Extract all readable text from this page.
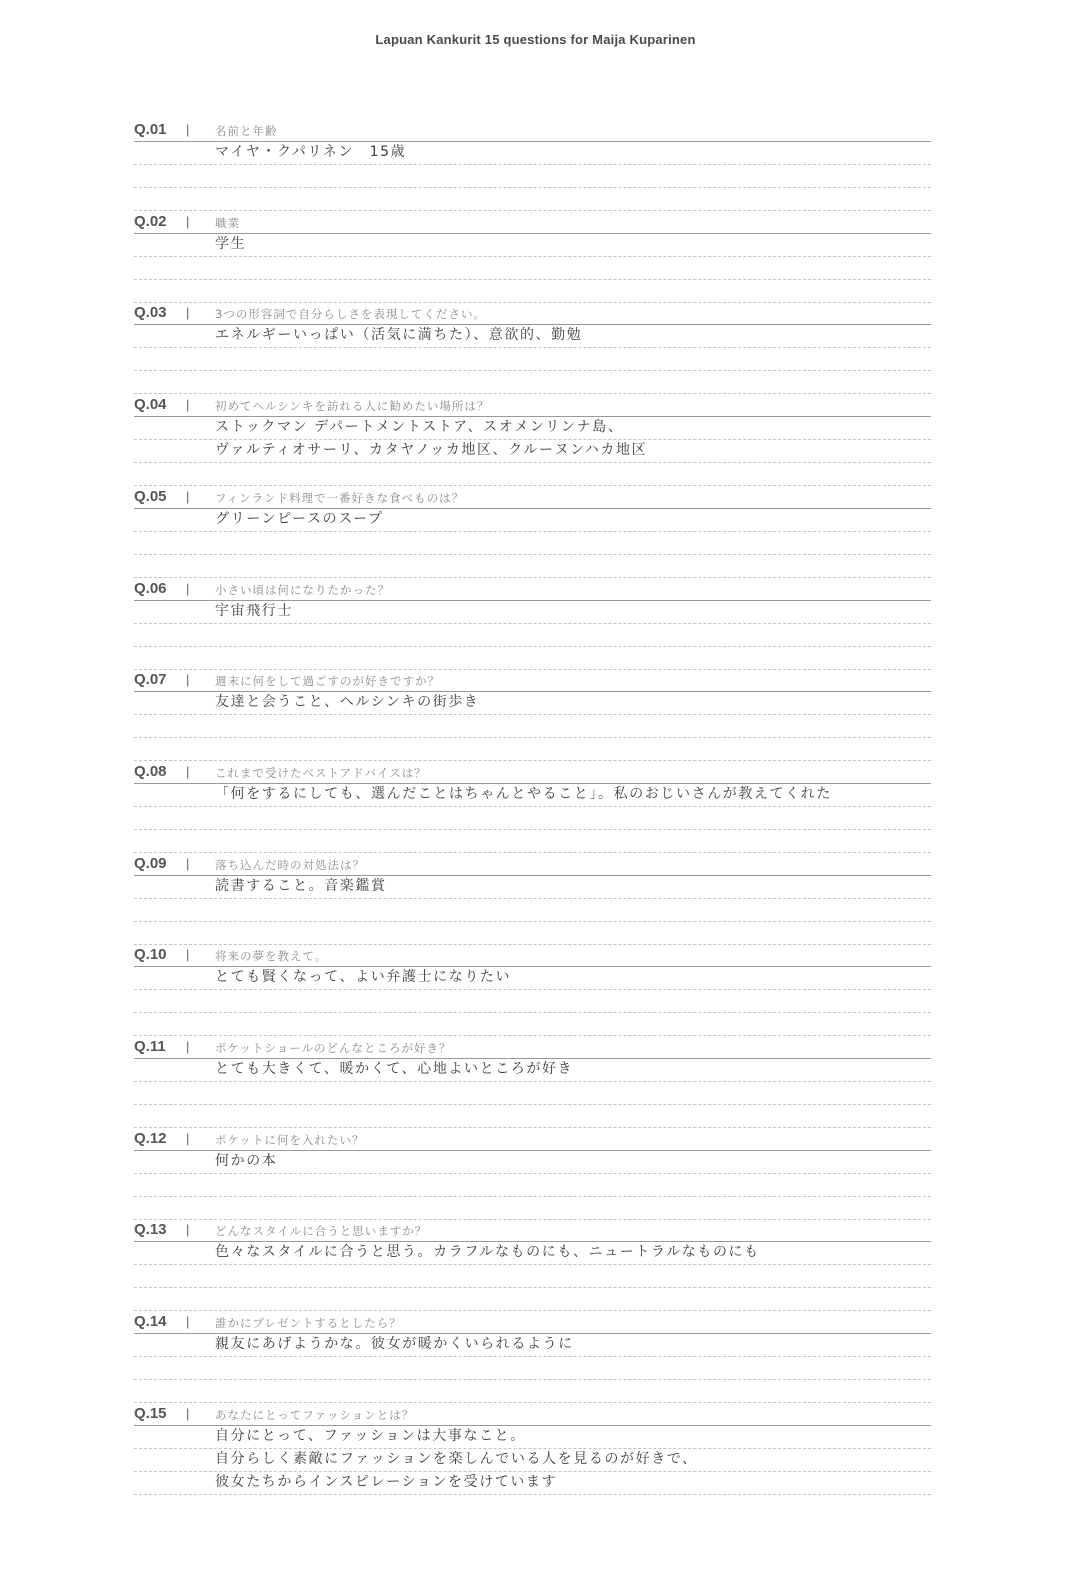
Lapuan Kankurit 15 questions for Maija Kuparinen
Q.01	| 名前と年齢
マイヤ・クパリネン　15歳
Q.02	| 職業
学生
Q.03	| 3つの形容詞で自分らしさを表現してください。
エネルギーいっぱい（活気に満ちた）、意欲的、勤勉
Q.04	| 初めてヘルシンキを訪れる人に勧めたい場所は？
ストックマン デパートメントストア、スオメンリンナ島、
ヴァルティオサーリ、カタヤノッカ地区、クルーヌンハカ地区
Q.05	| フィンランド料理で一番好きな食べものは？
グリーンピースのスープ
Q.06	| 小さい頃は何になりたかった？
宇宙飛行士
Q.07	| 週末に何をして過ごすのが好きですか？
友達と会うこと、ヘルシンキの街歩き
Q.08	| これまで受けたベストアドバイスは？
「何をするにしても、選んだことはちゃんとやること」。私のおじいさんが教えてくれた
Q.09	| 落ち込んだ時の対処法は？
読書すること。音楽鑑賞
Q.10	| 将来の夢を教えて。
とても賢くなって、よい弁護士になりたい
Q.11	| ポケットショールのどんなところが好き？
とても大きくて、暖かくて、心地よいところが好き
Q.12	| ポケットに何を入れたい？
何かの本
Q.13	| どんなスタイルに合うと思いますか？
色々なスタイルに合うと思う。カラフルなものにも、ニュートラルなものにも
Q.14	| 誰かにプレゼントするとしたら？
親友にあげようかな。彼女が暖かくいられるように
Q.15	| あなたにとってファッションとは？
自分にとって、ファッションは大事なこと。
自分らしく素敵にファッションを楽しんでいる人を見るのが好きで、
彼女たちからインスピレーションを受けています
